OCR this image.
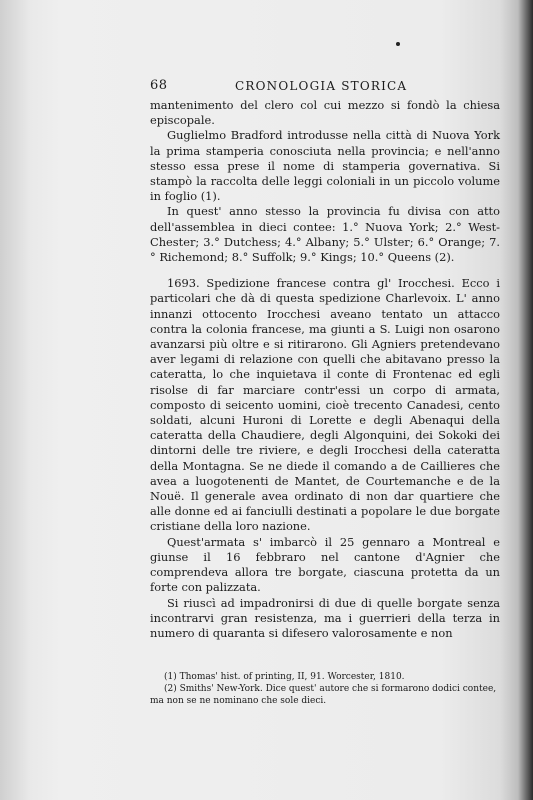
68	CRONOLOGIA STORICA

mantenimento del clero col cui mezzo si fondò la chiesa episcopale.

Guglielmo Bradford introdusse nella città di Nuova York la prima stamperia conosciuta nella provincia; e nell'anno stesso essa prese il nome di stamperia governativa. Si stampò la raccolta delle leggi coloniali in un piccolo volume in foglio (1).

In quest' anno stesso la provincia fu divisa con atto dell'assemblea in dieci contee: 1.° Nuova York; 2.° West-Chester; 3.° Dutchess; 4.° Albany; 5.° Ulster; 6.° Orange; 7.° Richemond; 8.° Suffolk; 9.° Kings; 10.° Queens (2).

1693. Spedizione francese contra gl' Irocchesi. Ecco i particolari che dà di questa spedizione Charlevoix. L' anno innanzi ottocento Irocchesi aveano tentato un attacco contra la colonia francese, ma giunti a S. Luigi non osarono avanzarsi più oltre e si ritirarono. Gli Agniers pretendevano aver legami di relazione con quelli che abitavano presso la cateratta, lo che inquietava il conte di Frontenac ed egli risolse di far marciare contr'essi un corpo di armata, composto di seicento uomini, cioè trecento Canadesi, cento soldati, alcuni Huroni di Lorette e degli Abenaqui della cateratta della Chaudiere, degli Algonquini, dei Sokoki dei dintorni delle tre riviere, e degli Irocchesi della cateratta della Montagna. Se ne diede il comando a de Caillieres che avea a luogotenenti de Mantet, de Courtemanche e de la Nouë. Il generale avea ordinato di non dar quartiere che alle donne ed ai fanciulli destinati a popolare le due borgate cristiane della loro nazione.

Quest'armata s' imbarcò il 25 gennaro a Montreal e giunse il 16 febbraro nel cantone d'Agnier che comprendeva allora tre borgate, ciascuna protetta da un forte con palizzata.

Si riuscì ad impadronirsi di due di quelle borgate senza incontrarvi gran resistenza, ma i guerrieri della terza in numero di quaranta si difesero valorosamente e non

(1) Thomas' hist. of printing, II, 91. Worcester, 1810.

(2) Smiths' New-York. Dice quest' autore che si formarono dodici contee, ma non se ne nominano che sole dieci.
